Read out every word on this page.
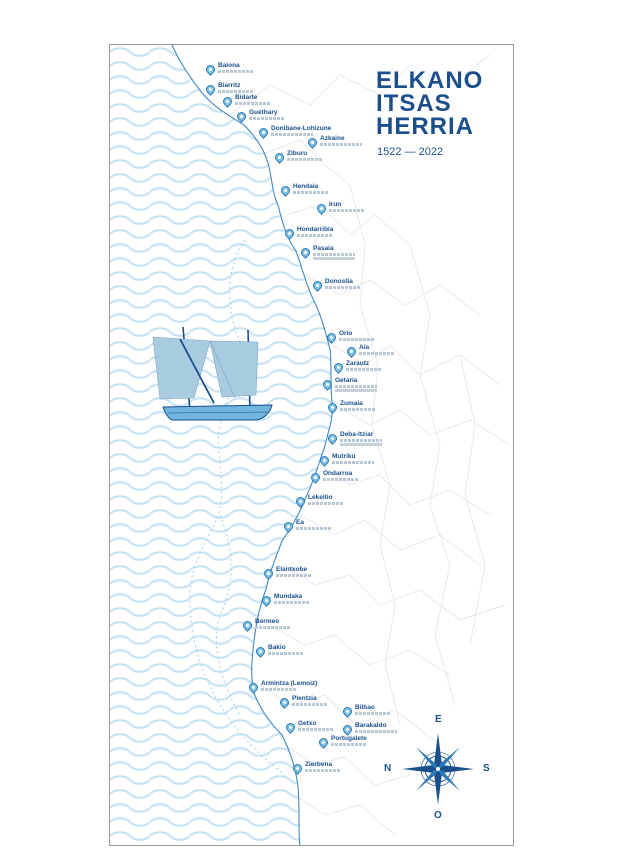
ELKANO
ITSAS
HERRIA
1522 — 2022
Baiona
Biarritz
Bidarte
Guéthary
Donibane-Lohizune
Azkaine
Ziburu
Hendaia
Irun
Hondarribia
Pasaia
Donostia
Orio
Aia
Zarautz
Getaria
Zumaia
Deba-Itziar
Mutriku
Ondarroa
Lekeitio
Ea
Elantxobe
Mundaka
Bermeo
Bakio
Armintza (Lemoiz)
Plentzia
Bilbao
Barakaldo
Getxo
Portugalete
Zierbena
E
N	S
O
